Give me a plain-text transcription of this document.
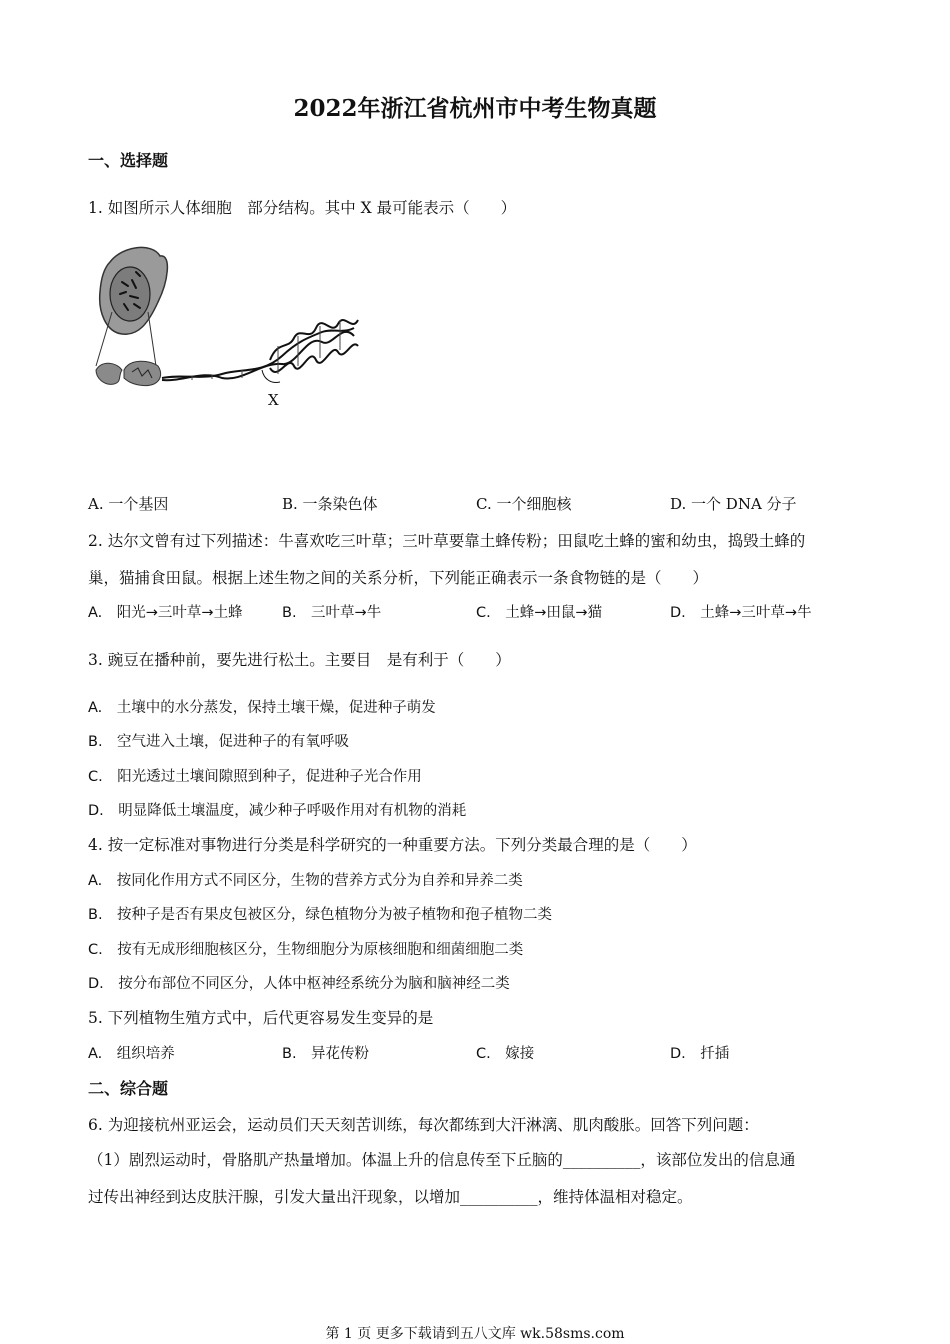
2022年浙江省杭州市中考生物真题
一、选择题
1. 如图所示人体细胞　部分结构。其中 X 最可能表示（　　）
X
A. 一个基因	B. 一条染色体	C. 一个细胞核	D. 一个 DNA 分子
2. 达尔文曾有过下列描述：牛喜欢吃三叶草；三叶草要靠土蜂传粉；田鼠吃土蜂的蜜和幼虫，捣毁土蜂的
巢，猫捕食田鼠。根据上述生物之间的关系分析，下列能正确表示一条食物链的是（　　）
A.　阳光→三叶草→土蜂	B.　三叶草→牛	C.　土蜂→田鼠→猫	D.　土蜂→三叶草→牛
3. 豌豆在播种前，要先进行松土。主要目　是有利于（　　）
A.　土壤中的水分蒸发，保持土壤干燥，促进种子萌发
B.　空气进入土壤，促进种子的有氧呼吸
C.　阳光透过土壤间隙照到种子，促进种子光合作用
D.　明显降低土壤温度，减少种子呼吸作用对有机物的消耗
4. 按一定标准对事物进行分类是科学研究的一种重要方法。下列分类最合理的是（　　）
A.　按同化作用方式不同区分，生物的营养方式分为自养和异养二类
B.　按种子是否有果皮包被区分，绿色植物分为被子植物和孢子植物二类
C.　按有无成形细胞核区分，生物细胞分为原核细胞和细菌细胞二类
D.　按分布部位不同区分，人体中枢神经系统分为脑和脑神经二类
5. 下列植物生殖方式中，后代更容易发生变异的是
A.　组织培养	B.　异花传粉	C.　嫁接	D.　扦插
二、综合题
6. 为迎接杭州亚运会，运动员们天天刻苦训练，每次都练到大汗淋漓、肌肉酸胀。回答下列问题：
（1）剧烈运动时，骨胳肌产热量增加。体温上升的信息传至下丘脑的__________，该部位发出的信息通
过传出神经到达皮肤汗腺，引发大量出汗现象，以增加__________，维持体温相对稳定。
第 1 页 更多下载请到五八文库 wk.58sms.com
